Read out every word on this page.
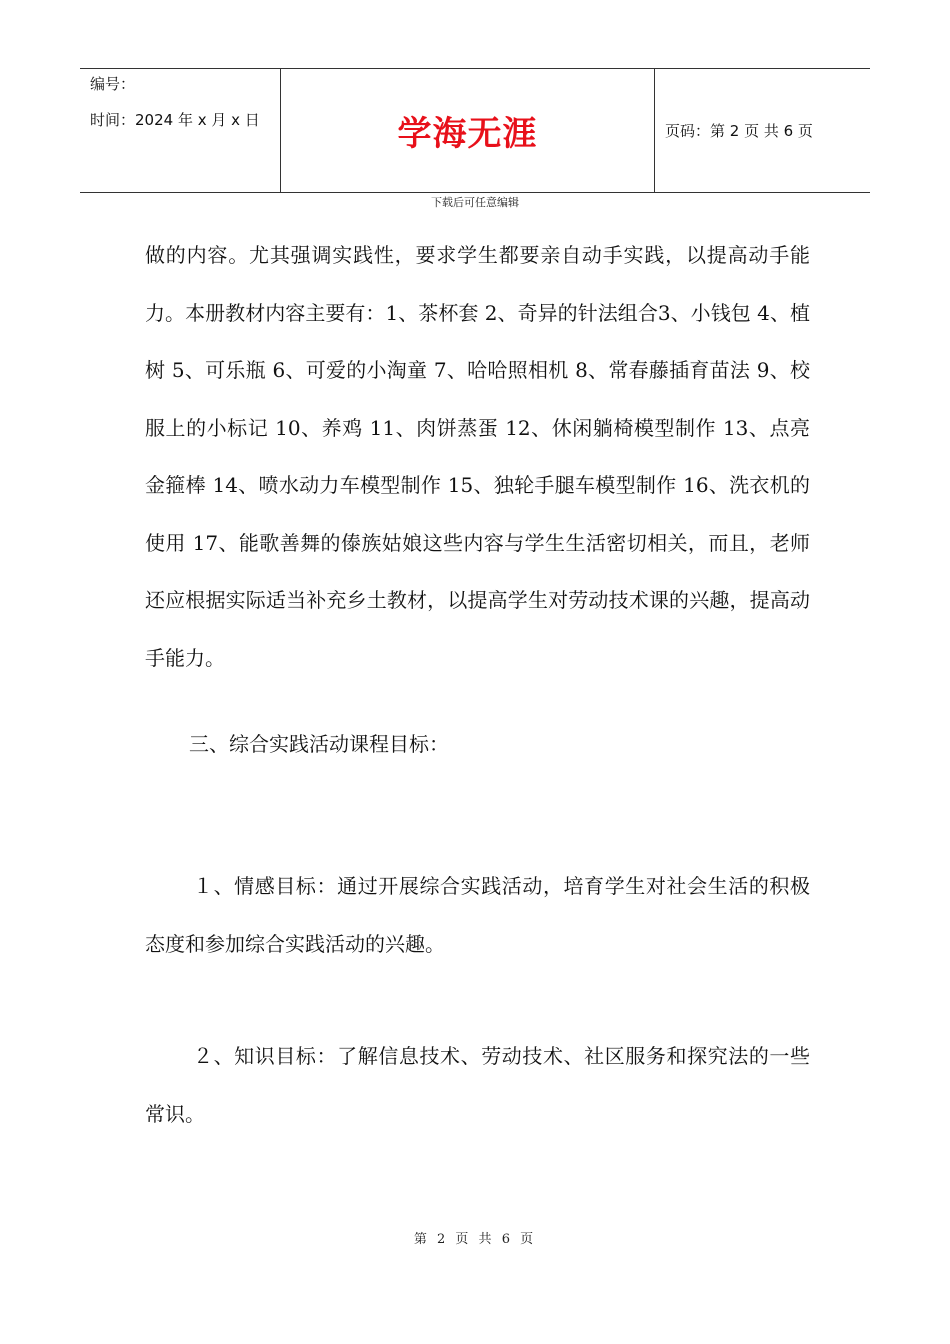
编号：
时间：2024 年 x 月 x 日	学海无涯	页码：第 2 页 共 6 页
下载后可任意编辑
做的内容。尤其强调实践性，要求学生都要亲自动手实践，以提高动手能力。本册教材内容主要有：1、茶杯套 2、奇异的针法组合3、小钱包 4、植树 5、可乐瓶 6、可爱的小淘童 7、哈哈照相机 8、常春藤插育苗法 9、校服上的小标记 10、养鸡 11、肉饼蒸蛋 12、休闲躺椅模型制作 13、点亮金箍棒 14、喷水动力车模型制作 15、独轮手腿车模型制作 16、洗衣机的使用 17、能歌善舞的傣族姑娘这些内容与学生生活密切相关，而且，老师还应根据实际适当补充乡土教材，以提高学生对劳动技术课的兴趣，提高动手能力。
三、综合实践活动课程目标：
１、情感目标：通过开展综合实践活动，培育学生对社会生活的积极态度和参加综合实践活动的兴趣。
２、知识目标：了解信息技术、劳动技术、社区服务和探究法的一些常识。
第 2 页 共 6 页
